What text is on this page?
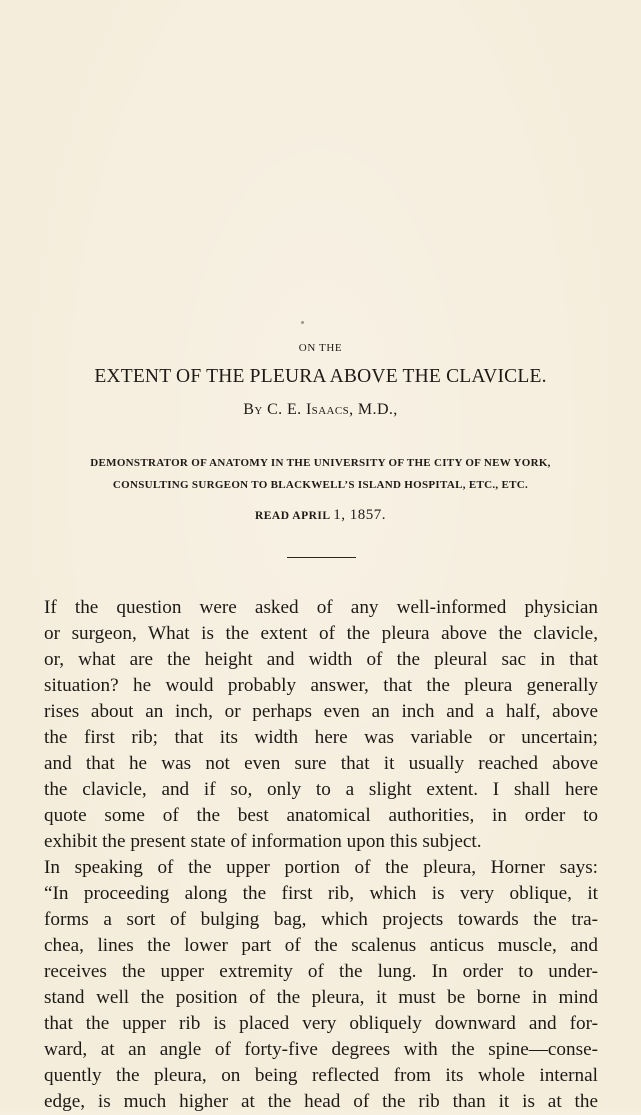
ON THE
EXTENT OF THE PLEURA ABOVE THE CLAVICLE.
By C. E. Isaacs, M.D.,
DEMONSTRATOR OF ANATOMY IN THE UNIVERSITY OF THE CITY OF NEW YORK,
CONSULTING SURGEON TO BLACKWELL’S ISLAND HOSPITAL, ETC., ETC.
READ APRIL 1, 1857.
If the question were asked of any well-informed physician
or surgeon, What is the extent of the pleura above the clavicle,
or, what are the height and width of the pleural sac in that
situation? he would probably answer, that the pleura generally
rises about an inch, or perhaps even an inch and a half, above
the first rib; that its width here was variable or uncertain;
and that he was not even sure that it usually reached above
the clavicle, and if so, only to a slight extent. I shall here
quote some of the best anatomical authorities, in order to
exhibit the present state of information upon this subject.
In speaking of the upper portion of the pleura, Horner says:
“In proceeding along the first rib, which is very oblique, it
forms a sort of bulging bag, which projects towards the tra-
chea, lines the lower part of the scalenus anticus muscle, and
receives the upper extremity of the lung. In order to under-
stand well the position of the pleura, it must be borne in mind
that the upper rib is placed very obliquely downward and for-
ward, at an angle of forty-five degrees with the spine—conse-
quently the pleura, on being reflected from its whole internal
edge, is much higher at the head of the rib than it is at the
